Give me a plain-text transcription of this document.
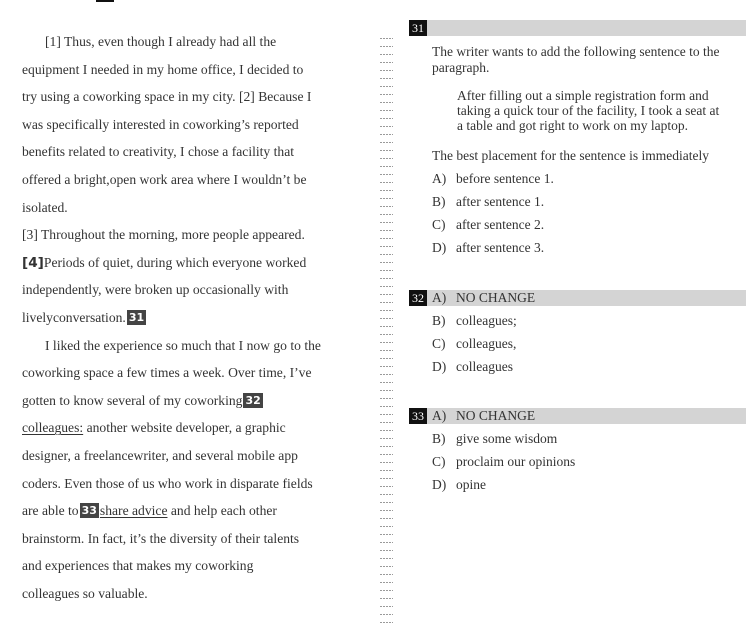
[1] Thus, even though I already had all the
equipment I needed in my home office, I decided to
try using a coworking space in my city. [2] Because I
was specifically interested in coworking’s reported
benefits related to creativity, I chose a facility that
offered a bright,open work area where I wouldn’t be
isolated.
[3] Throughout the morning, more people appeared.
[4]Periods of quiet, during which everyone worked
independently, were broken up occasionally with
livelyconversation. 31
I liked the experience so much that I now go to the
coworking space a few times a week. Over time, I’ve
gotten to know several of my coworking 32
colleagues: another website developer, a graphic
designer, a freelancewriter, and several mobile app
coders. Even those of us who work in disparate fields
are able to 33 share advice and help each other
brainstorm. In fact, it’s the diversity of their talents
and experiences that makes my coworking
colleagues so valuable.
31
The writer wants to add the following sentence to the
paragraph.
After filling out a simple registration form and
taking a quick tour of the facility, I took a seat at
a table and got right to work on my laptop.
The best placement for the sentence is immediately
A) before sentence 1.
B) after sentence 1.
C) after sentence 2.
D) after sentence 3.
32 A) NO CHANGE
B) colleagues;
C) colleagues,
D) colleagues
33 A) NO CHANGE
B) give some wisdom
C) proclaim our opinions
D) opine
